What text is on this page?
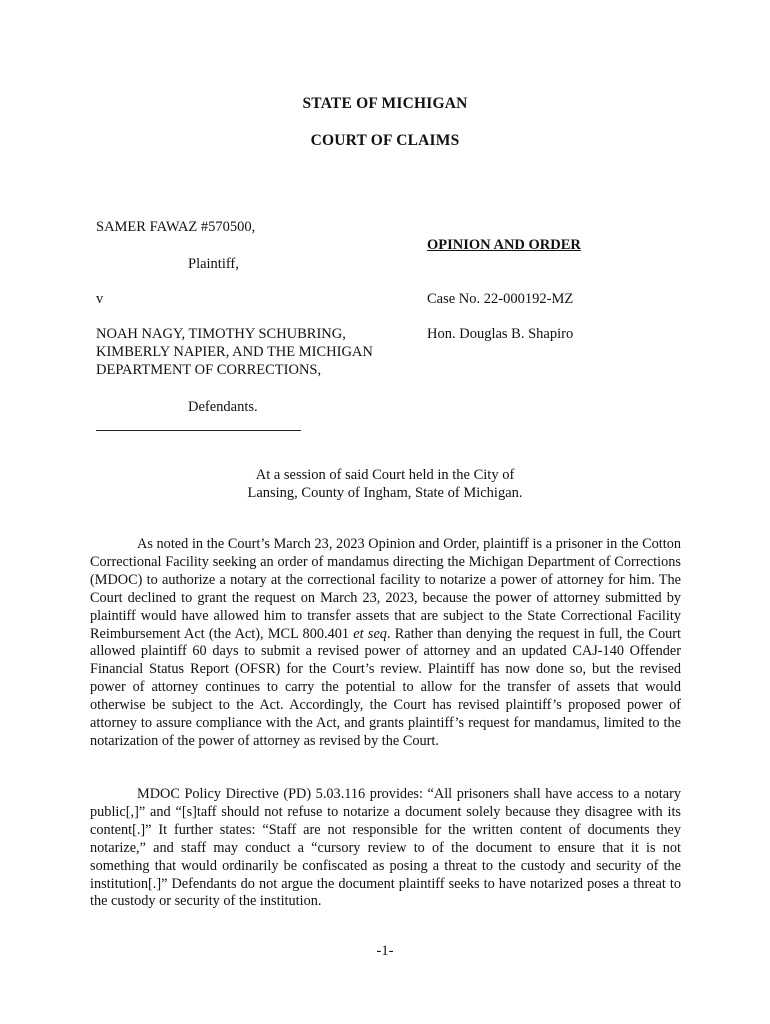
STATE OF MICHIGAN
COURT OF CLAIMS
SAMER FAWAZ #570500,
Plaintiff,
v
NOAH NAGY, TIMOTHY SCHUBRING,
KIMBERLY NAPIER, AND THE MICHIGAN
DEPARTMENT OF CORRECTIONS,
Defendants.
OPINION AND ORDER
Case No. 22-000192-MZ
Hon. Douglas B. Shapiro
At a session of said Court held in the City of
Lansing, County of Ingham, State of Michigan.
As noted in the Court’s March 23, 2023 Opinion and Order, plaintiff is a prisoner in the Cotton Correctional Facility seeking an order of mandamus directing the Michigan Department of Corrections (MDOC) to authorize a notary at the correctional facility to notarize a power of attorney for him. The Court declined to grant the request on March 23, 2023, because the power of attorney submitted by plaintiff would have allowed him to transfer assets that are subject to the State Correctional Facility Reimbursement Act (the Act), MCL 800.401 et seq. Rather than denying the request in full, the Court allowed plaintiff 60 days to submit a revised power of attorney and an updated CAJ-140 Offender Financial Status Report (OFSR) for the Court’s review. Plaintiff has now done so, but the revised power of attorney continues to carry the potential to allow for the transfer of assets that would otherwise be subject to the Act. Accordingly, the Court has revised plaintiff’s proposed power of attorney to assure compliance with the Act, and grants plaintiff’s request for mandamus, limited to the notarization of the power of attorney as revised by the Court.
MDOC Policy Directive (PD) 5.03.116 provides: “All prisoners shall have access to a notary public[,]” and “[s]taff should not refuse to notarize a document solely because they disagree with its content[.]” It further states: “Staff are not responsible for the written content of documents they notarize,” and staff may conduct a “cursory review to of the document to ensure that it is not something that would ordinarily be confiscated as posing a threat to the custody and security of the institution[.]” Defendants do not argue the document plaintiff seeks to have notarized poses a threat to the custody or security of the institution.
-1-
